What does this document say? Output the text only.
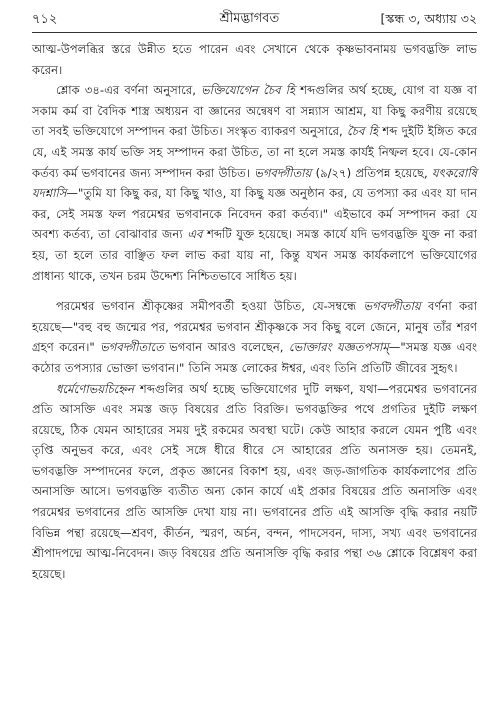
৭১২	শ্রীমদ্ভাগবত	[স্কন্ধ ৩, অধ্যায় ৩২

আত্ম-উপলব্ধির স্তরে উন্নীত হতে পারেন এবং সেখানে থেকে কৃষ্ণভাবনাময় ভগবদ্ভক্তি লাভ করেন।

শ্লোক ৩৪-এর বর্ণনা অনুসারে, ভক্তিযোগেন চৈব হি শব্দগুলির অর্থ হচ্ছে, যোগ বা যজ্ঞ বা সকাম কর্ম বা বৈদিক শাস্ত্র অধ্যয়ন বা জ্ঞানের অন্বেষণ বা সন্ন্যাস আশ্রম, যা কিছু করণীয় রয়েছে তা সবই ভক্তিযোগে সম্পাদন করা উচিত। সংস্কৃত ব্যাকরণ অনুসারে, চৈব হি শব্দ দুইটি ইঙ্গিত করে যে, এই সমস্ত কার্য ভক্তি সহ সম্পাদন করা উচিত, তা না হলে সমস্ত কার্যই নিষ্ফল হবে। যে-কোন কর্তব্য কর্ম ভগবানের জন্য সম্পাদন করা উচিত। ভগবদ্গীতায় (৯/২৭) প্রতিপন্ন হয়েছে, যৎকরোষি যদশ্নাসি—"তুমি যা কিছু কর, যা কিছু খাও, যা কিছু যজ্ঞ অনুষ্ঠান কর, যে তপস্যা কর এবং যা দান কর, সেই সমস্ত ফল পরমেশ্বর ভগবানকে নিবেদন করা কর্তব্য।" এইভাবে কর্ম সম্পাদন করা যে অবশ্য কর্তব্য, তা বোঝাবার জন্য এব শব্দটি যুক্ত হয়েছে। সমস্ত কার্যে যদি ভগবদ্ভক্তি যুক্ত না করা হয়, তা হলে তার বাঞ্ছিত ফল লাভ করা যায় না, কিন্তু যখন সমস্ত কার্যকলাপে ভক্তিযোগের প্রাধান্য থাকে, তখন চরম উদ্দেশ্য নিশ্চিতভাবে সাধিত হয়।

পরমেশ্বর ভগবান শ্রীকৃষ্ণের সমীপবর্তী হওয়া উচিত, যে-সম্বন্ধে ভগবদ্গীতায় বর্ণনা করা হয়েছে—"বহু বহু জন্মের পর, পরমেশ্বর ভগবান শ্রীকৃষ্ণকে সব কিছু বলে জেনে, মানুষ তাঁর শরণ গ্রহণ করেন।" ভগবদ্গীতাতে ভগবান আরও বলেছেন, ভোক্তারং যজ্ঞতপসাম্—"সমস্ত যজ্ঞ এবং কঠোর তপস্যার ভোক্তা ভগবান।" তিনি সমস্ত লোকের ঈশ্বর, এবং তিনি প্রতিটি জীবের সুহৃৎ।

ধর্মেণোভয়চিহ্নেন শব্দগুলির অর্থ হচ্ছে ভক্তিযোগের দুটি লক্ষণ, যথা—পরমেশ্বর ভগবানের প্রতি আসক্তি এবং সমস্ত জড় বিষয়ের প্রতি বিরক্তি। ভগবদ্ভক্তির পথে প্রগতির দুইটি লক্ষণ রয়েছে, ঠিক যেমন আহারের সময় দুই রকমের অবস্থা ঘটে। কেউ আহার করলে যেমন পুষ্টি এবং তৃপ্তি অনুভব করে, এবং সেই সঙ্গে ধীরে ধীরে সে আহারের প্রতি অনাসক্ত হয়। তেমনই, ভগবদ্ভক্তি সম্পাদনের ফলে, প্রকৃত জ্ঞানের বিকাশ হয়, এবং জড়-জাগতিক কার্যকলাপের প্রতি অনাসক্তি আসে। ভগবদ্ভক্তি ব্যতীত অন্য কোন কার্যে এই প্রকার বিষয়ের প্রতি অনাসক্তি এবং পরমেশ্বর ভগবানের প্রতি আসক্তি দেখা যায় না। ভগবানের প্রতি এই আসক্তি বৃদ্ধি করার নয়টি বিভিন্ন পন্থা রয়েছে—শ্রবণ, কীর্তন, স্মরণ, অর্চন, বন্দন, পাদসেবন, দাস্য, সখ্য এবং ভগবানের শ্রীপাদপদ্মে আত্ম-নিবেদন। জড় বিষয়ের প্রতি অনাসক্তি বৃদ্ধি করার পন্থা ৩৬ শ্লোকে বিশ্লেষণ করা হয়েছে।
